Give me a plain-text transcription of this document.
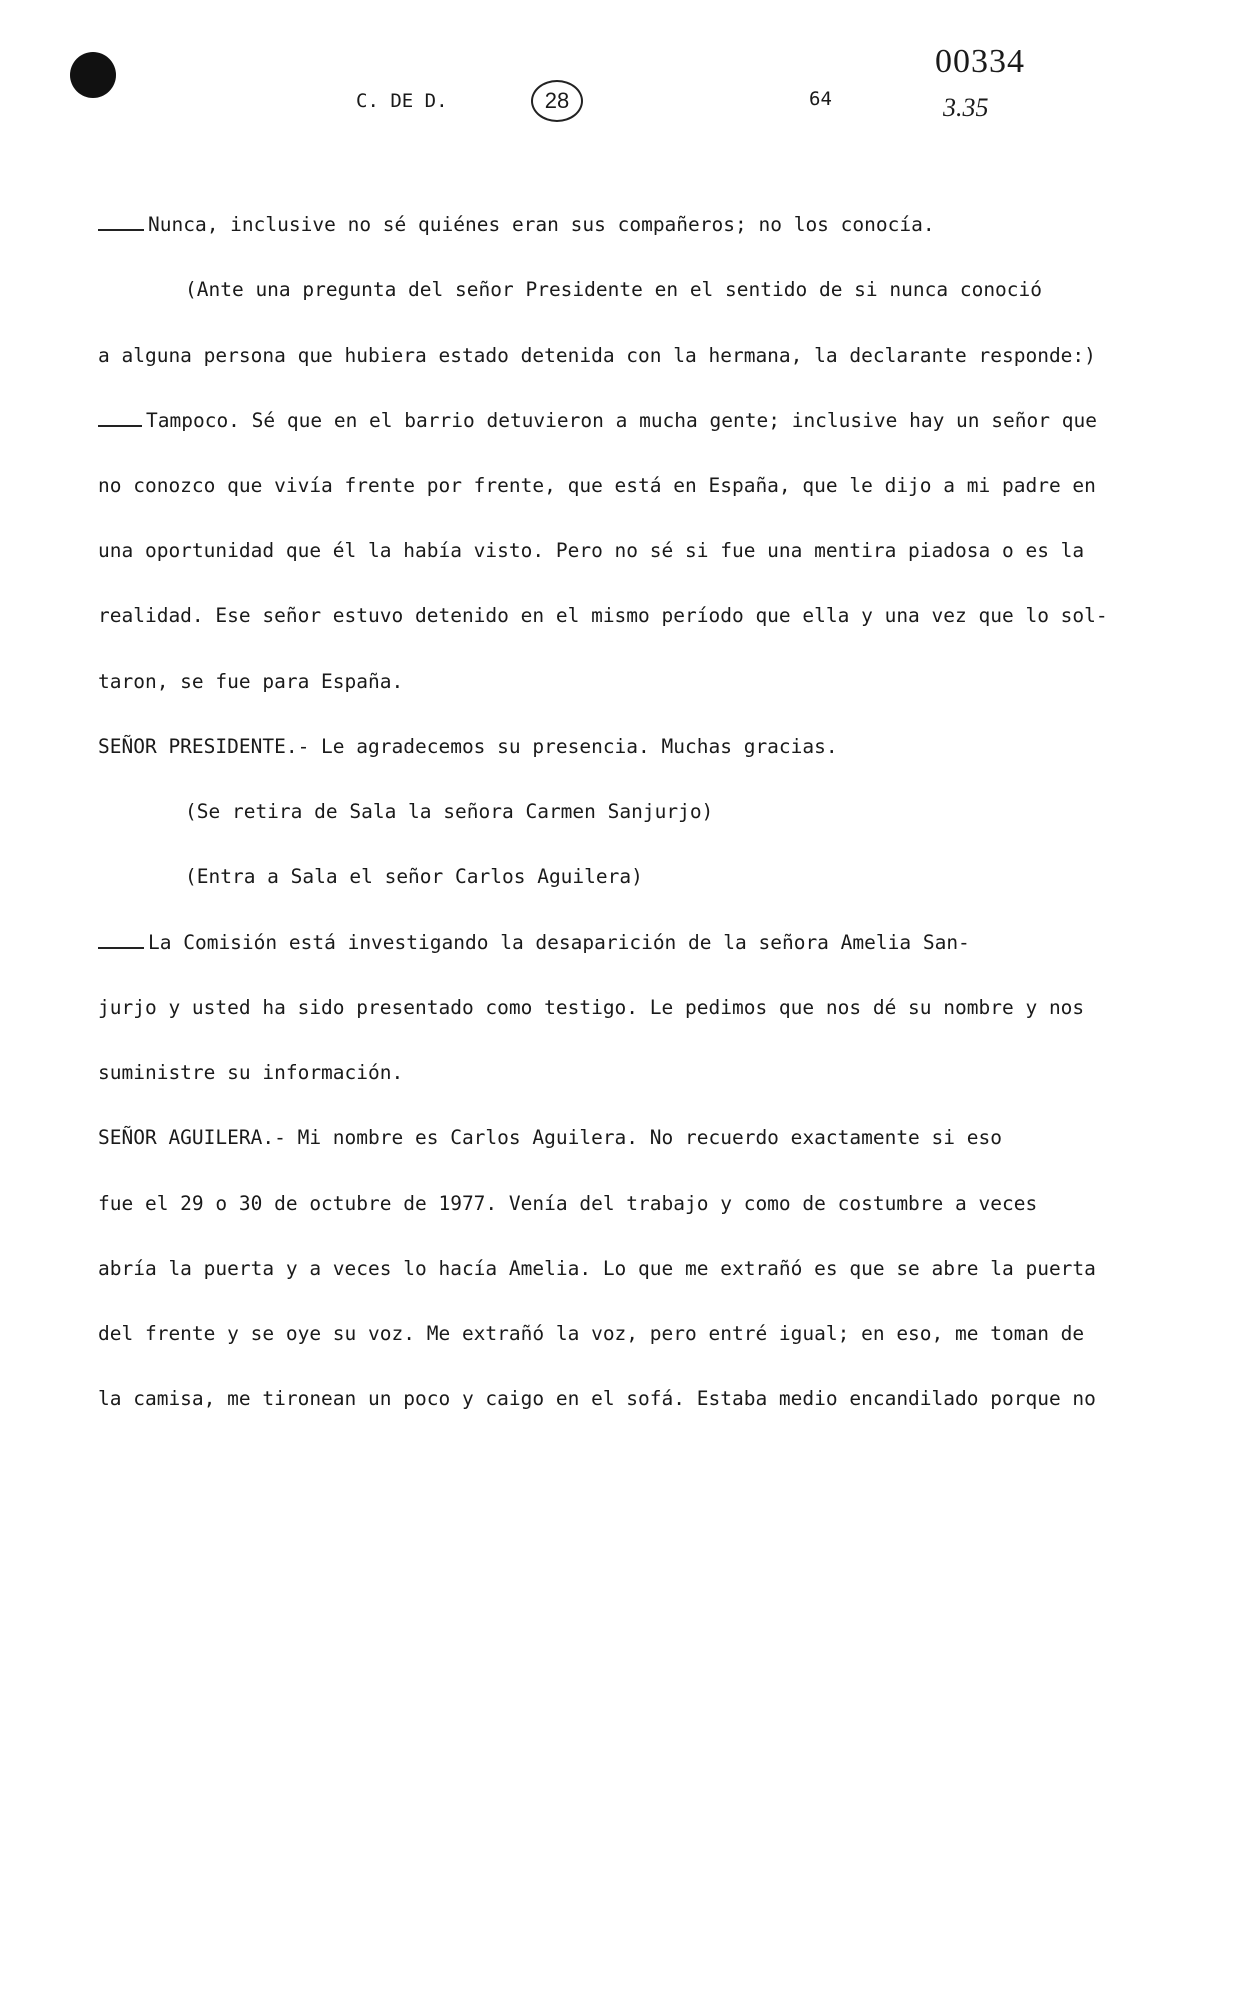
C. DE D.	28	64
00334
3.35
Nunca, inclusive no sé quiénes eran sus compañeros; no los conocía.
(Ante una pregunta del señor Presidente en el sentido de si nunca conoció
a alguna persona que hubiera estado detenida con la hermana, la declarante responde:)
Tampoco. Sé que en el barrio detuvieron a mucha gente; inclusive hay un señor que
no conozco que vivía frente por frente, que está en España, que le dijo a mi padre en
una oportunidad que él la había visto. Pero no sé si fue una mentira piadosa o es la
realidad. Ese señor estuvo detenido en el mismo período que ella y una vez que lo sol-
taron, se fue para España.
SEÑOR PRESIDENTE.- Le agradecemos su presencia. Muchas gracias.
(Se retira de Sala la señora Carmen Sanjurjo)
(Entra a Sala el señor Carlos Aguilera)
La Comisión está investigando la desaparición de la señora Amelia San-
jurjo y usted ha sido presentado como testigo. Le pedimos que nos dé su nombre y nos
suministre su información.
SEÑOR AGUILERA.- Mi nombre es Carlos Aguilera. No recuerdo exactamente si eso
fue el 29 o 30 de octubre de 1977. Venía del trabajo y como de costumbre a veces
abría la puerta y a veces lo hacía Amelia. Lo que me extrañó es que se abre la puerta
del frente y se oye su voz. Me extrañó la voz, pero entré igual; en eso, me toman de
la camisa, me tironean un poco y caigo en el sofá. Estaba medio encandilado porque no
